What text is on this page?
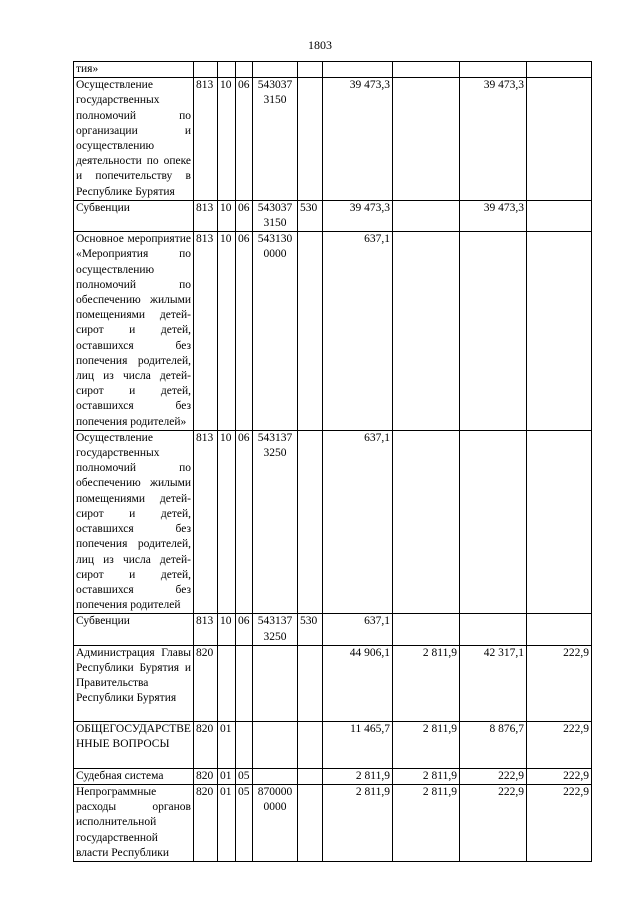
1803
тия»									
Осуществление государственных полномочий по организации и осуществлению деятельности по опеке и попечительству в Республике Бурятия	813	10	06	543037 3150		39 473,3		39 473,3	
Субвенции	813	10	06	543037 3150	530	39 473,3		39 473,3	
Основное мероприятие «Мероприятия по осуществлению полномочий по обеспечению жилыми помещениями детей-сирот и детей, оставшихся без попечения родителей, лиц из числа детей-сирот и детей, оставшихся без попечения родителей»	813	10	06	543130 0000		637,1			
Осуществление государственных полномочий по обеспечению жилыми помещениями детей-сирот и детей, оставшихся без попечения родителей, лиц из числа детей-сирот и детей, оставшихся без попечения родителей	813	10	06	543137 3250		637,1			
Субвенции	813	10	06	543137 3250	530	637,1			
Администрация Главы Республики Бурятия и Правительства Республики Бурятия	820					44 906,1	2 811,9	42 317,1	222,9
ОБЩЕГОСУДАРСТВЕННЫЕ ВОПРОСЫ	820	01				11 465,7	2 811,9	8 876,7	222,9
Судебная система	820	01	05			2 811,9	2 811,9	222,9	222,9
Непрограммные расходы органов исполнительной государственной власти Республики	820	01	05	870000 0000		2 811,9	2 811,9	222,9	222,9
